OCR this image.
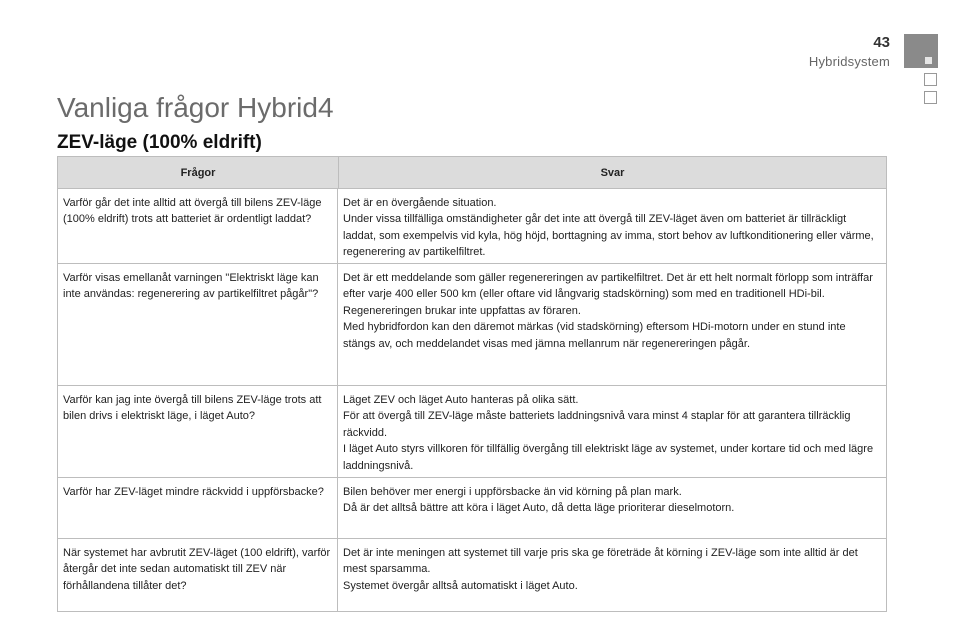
43
Hybridsystem
Vanliga frågor Hybrid4
ZEV-läge (100% eldrift)
Frågor	Svar
Varför går det inte alltid att övergå till bilens ZEV-läge (100% eldrift) trots att batteriet är ordentligt laddat?

Det är en övergående situation.

Under vissa tillfälliga omständigheter går det inte att övergå till ZEV-läget även om batteriet är tillräckligt laddat, som exempelvis vid kyla, hög höjd, borttagning av imma, stort behov av luftkonditionering eller värme, regenerering av partikelfiltret.

Varför visas emellanåt varningen "Elektriskt läge kan inte användas: regenerering av partikelfiltret pågår"?

Det är ett meddelande som gäller regenereringen av partikelfiltret. Det är ett helt normalt förlopp som inträffar efter varje 400 eller 500 km (eller oftare vid långvarig stadskörning) som med en traditionell HDi-bil.

Regenereringen brukar inte uppfattas av föraren.

Med hybridfordon kan den däremot märkas (vid stadskörning) eftersom HDi-motorn under en stund inte stängs av, och meddelandet visas med jämna mellanrum när regenereringen pågår.

Varför kan jag inte övergå till bilens ZEV-läge trots att bilen drivs i elektriskt läge, i läget Auto?

Läget ZEV och läget Auto hanteras på olika sätt.

För att övergå till ZEV-läge måste batteriets laddningsnivå vara minst 4 staplar för att garantera tillräcklig räckvidd.

I läget Auto styrs villkoren för tillfällig övergång till elektriskt läge av systemet, under kortare tid och med lägre laddningsnivå.

Varför har ZEV-läget mindre räckvidd i uppförsbacke?	Bilen behöver mer energi i uppförsbacke än vid körning på plan mark.

Då är det alltså bättre att köra i läget Auto, då detta läge prioriterar dieselmotorn.

När systemet har avbrutit ZEV-läget (100 eldrift), varför återgår det inte sedan automatiskt till ZEV när förhållandena tillåter det?

Det är inte meningen att systemet till varje pris ska ge företräde åt körning i ZEV-läge som inte alltid är det mest sparsamma.

Systemet övergår alltså automatiskt i läget Auto.
